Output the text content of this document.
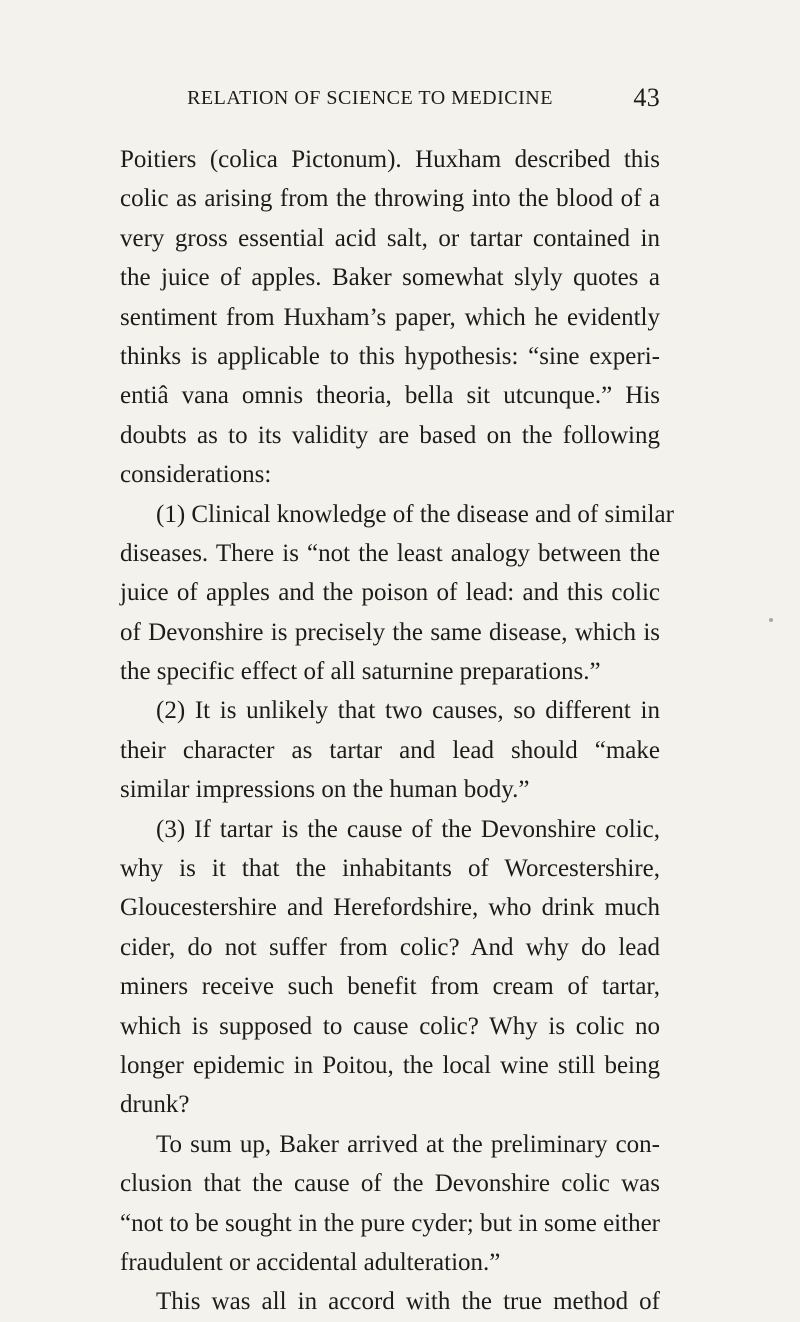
RELATION OF SCIENCE TO MEDICINE	43
Poitiers (colica Pictonum). Huxham described this
colic as arising from the throwing into the blood of a
very gross essential acid salt, or tartar contained in
the juice of apples. Baker somewhat slyly quotes a
sentiment from Huxham’s paper, which he evidently
thinks is applicable to this hypothesis: “sine experi-
entiâ vana omnis theoria, bella sit utcunque.” His
doubts as to its validity are based on the following
considerations:
(1) Clinical knowledge of the disease and of similar
diseases. There is “not the least analogy between the
juice of apples and the poison of lead: and this colic
of Devonshire is precisely the same disease, which is
the specific effect of all saturnine preparations.”
(2) It is unlikely that two causes, so different in
their character as tartar and lead should “make
similar impressions on the human body.”
(3) If tartar is the cause of the Devonshire colic,
why is it that the inhabitants of Worcestershire,
Gloucestershire and Herefordshire, who drink much
cider, do not suffer from colic? And why do lead
miners receive such benefit from cream of tartar,
which is supposed to cause colic? Why is colic no
longer epidemic in Poitou, the local wine still being
drunk?
To sum up, Baker arrived at the preliminary con-
clusion that the cause of the Devonshire colic was
“not to be sought in the pure cyder; but in some either
fraudulent or accidental adulteration.”
This was all in accord with the true method of
